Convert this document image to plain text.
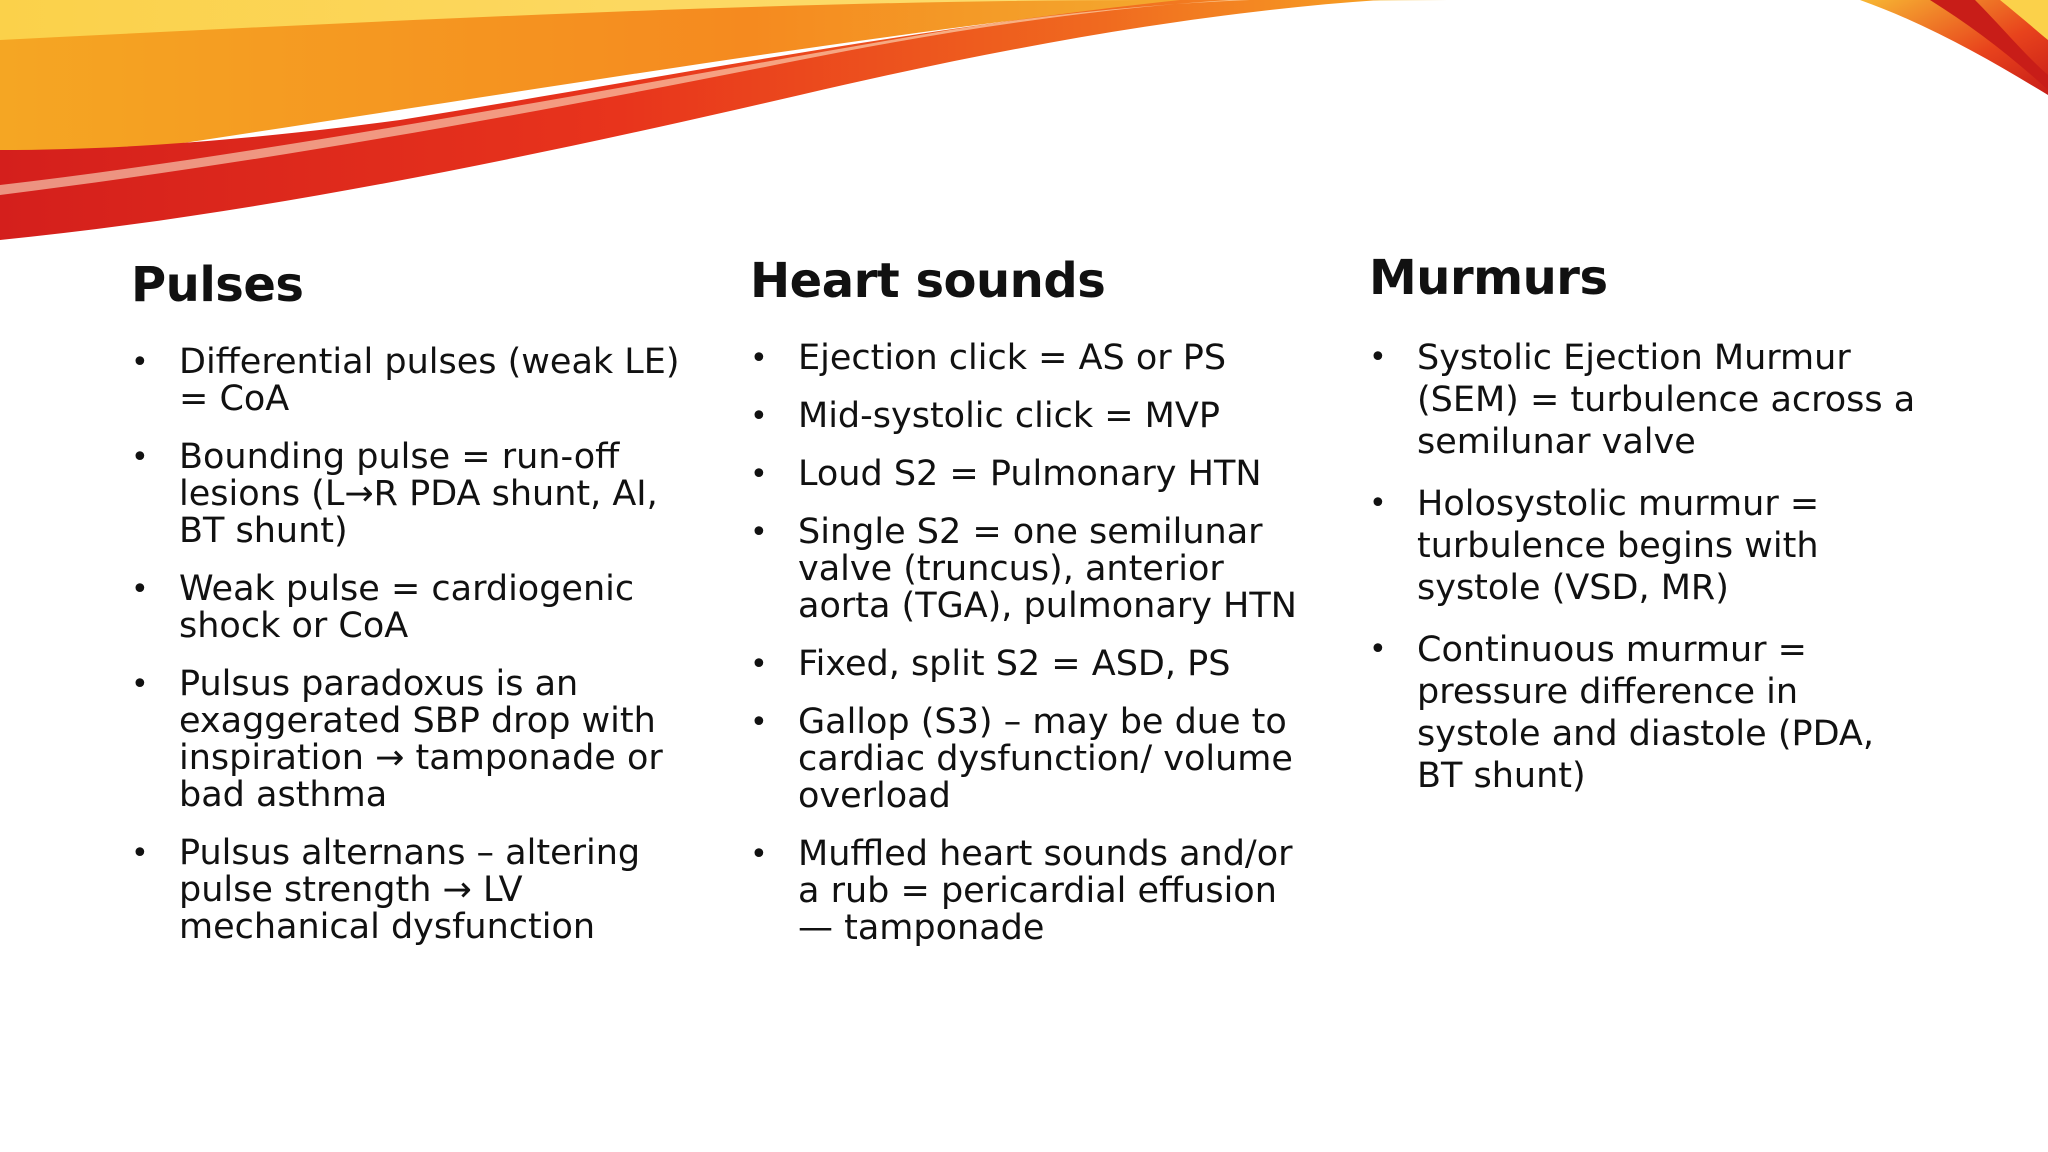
Pulses
• Differential pulses (weak LE) = CoA
• Bounding pulse = run-off lesions (L→R PDA shunt, AI, BT shunt)
• Weak pulse = cardiogenic shock or CoA
• Pulsus paradoxus is an exaggerated SBP drop with inspiration → tamponade or bad asthma
• Pulsus alternans – altering pulse strength → LV mechanical dysfunction
Heart sounds
• Ejection click = AS or PS
• Mid-systolic click = MVP
• Loud S2 = Pulmonary HTN
• Single S2 = one semilunar valve (truncus), anterior aorta (TGA), pulmonary HTN
• Fixed, split S2 = ASD, PS
• Gallop (S3) – may be due to cardiac dysfunction/ volume overload
• Muffled heart sounds and/or a rub = pericardial effusion — tamponade
Murmurs
• Systolic Ejection Murmur (SEM) = turbulence across a semilunar valve
• Holosystolic murmur = turbulence begins with systole (VSD, MR)
• Continuous murmur = pressure difference in systole and diastole (PDA, BT shunt)
